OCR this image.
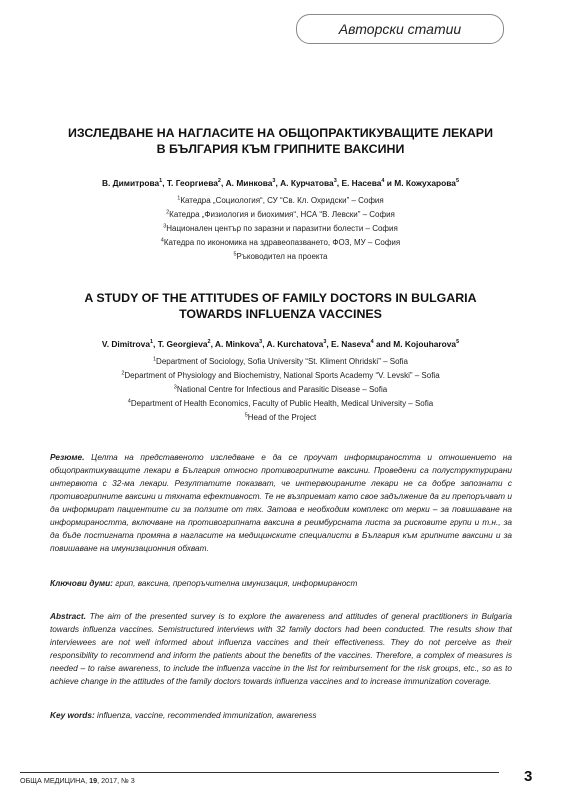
Авторски статии
ИЗСЛЕДВАНЕ НА НАГЛАСИТЕ НА ОБЩОПРАКТИКУВАЩИТЕ ЛЕКАРИ
В БЪЛГАРИЯ КЪМ ГРИПНИТЕ ВАКСИНИ
В. Димитрова$^1$, Т. Георгиева$^2$, А. Минкова$^3$, А. Курчатова$^3$, Е. Насева$^4$ и М. Кожухарова$^5$
$^1$Катедра „Социология“, СУ “Св. Кл. Охридски” – София
$^2$Катедра „Физиология и биохимия“, НСА “В. Левски” – София
$^3$Национален център по заразни и паразитни болести – София
$^4$Катедра по икономика на здравеопазването, ФОЗ, МУ – София
$^5$Ръководител на проекта
A STUDY OF THE ATTITUDES OF FAMILY DOCTORS IN BULGARIA
TOWARDS INFLUENZA VACCINES
V. Dimitrova$^1$, T. Georgieva$^2$, A. Minkova$^3$, A. Kurchatova$^3$, E. Naseva$^4$ and M. Kojouharova$^5$
$^1$Department of Sociology, Sofia University “St. Kliment Ohridski” – Sofia
$^2$Department of Physiology and Biochemistry, National Sports Academy “V. Levski” – Sofia
$^3$National Centre for Infectious and Parasitic Disease – Sofia
$^4$Department of Health Economics, Faculty of Public Health, Medical University – Sofia
$^5$Head of the Project
Резюме. Целта на представеното изследване е да се проучат информираността и отношението на общопрактикуващите лекари в България относно противогрипните ваксини. Проведени са полуструктурирани интервюта с 32-ма лекари. Резултатите показват, че интервюираните лекари не са добре запознати с противогрипните ваксини и тяхната ефективност. Те не възприемат като свое задължение да ги препоръчват и да информират пациентите си за ползите от тях. Затова е необходим комплекс от мерки – за повишаване на информираността, включване на противогрипната ваксина в реимбурсната листа за рисковите групи и т.н., за да бъде постигната промяна в нагласите на медицинските специалисти в България към грипните ваксини и за повишаване на имунизационния обхват.
Ключови думи: грип, ваксина, препоръчителна имунизация, информираност
Abstract. The aim of the presented survey is to explore the awareness and attitudes of general practitioners in Bulgaria towards influenza vaccines. Semistructured interviews with 32 family doctors had been conducted. The results show that interviewees are not well informed about influenza vaccines and their effectiveness. They do not perceive as their responsibility to recommend and inform the patients about the benefits of the vaccines. Therefore, a complex of measures is needed – to raise awareness, to include the influenza vaccine in the list for reimbursement for the risk groups, etc., so as to achieve change in the attitudes of the family doctors towards influenza vaccines and to increase immunization coverage.
Key words: influenza, vaccine, recommended immunization, awareness
ОБЩА МЕДИЦИНА, 19, 2017, № 3	3
